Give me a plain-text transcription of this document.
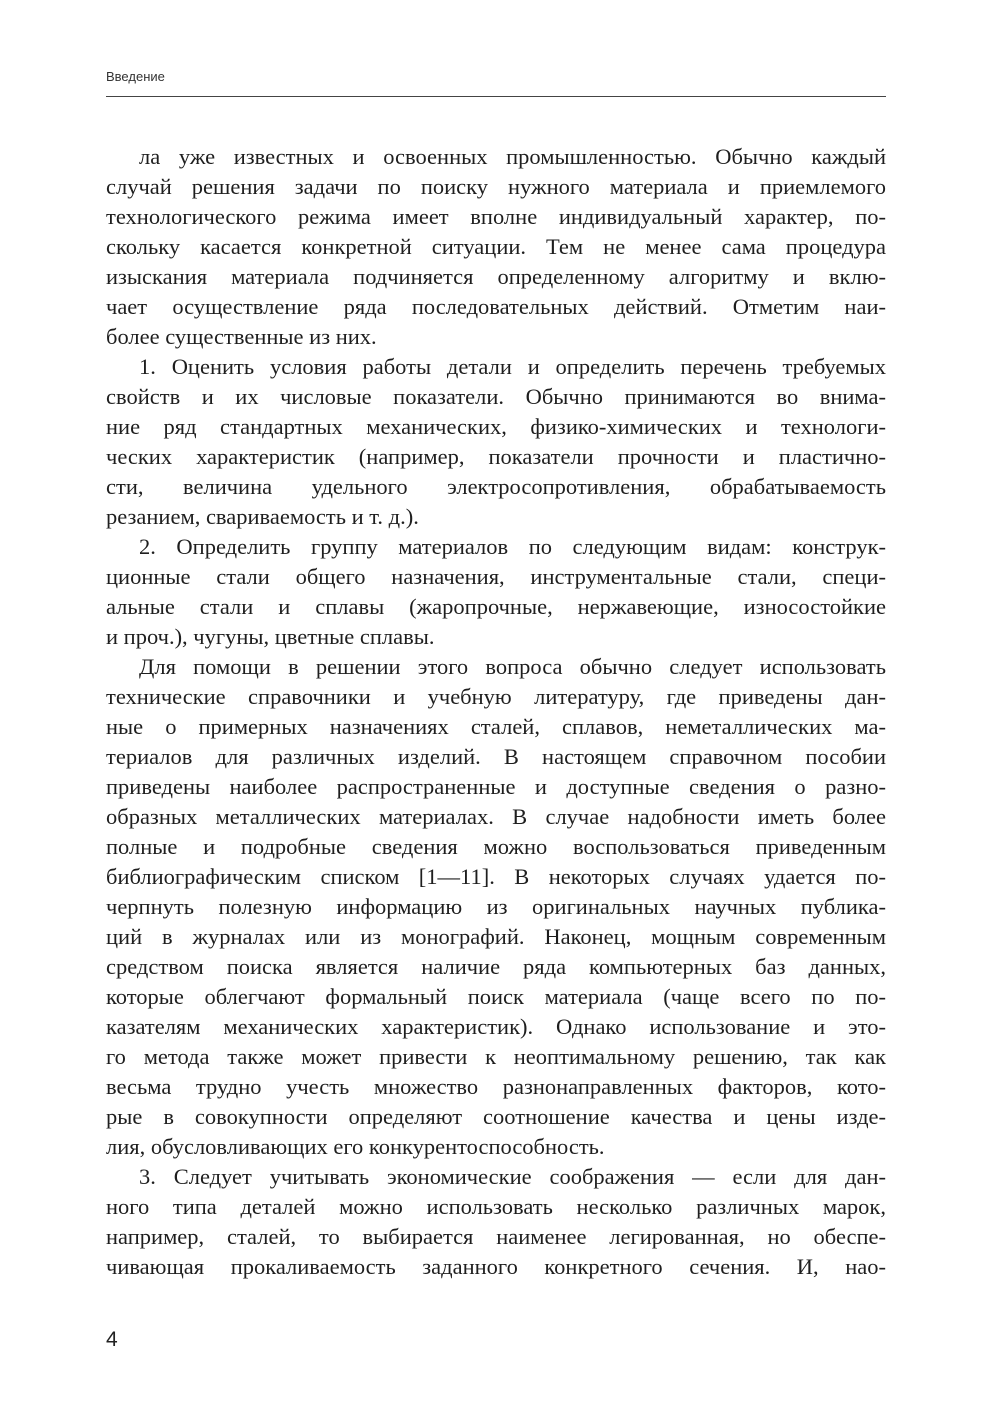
Введение
ла уже известных и освоенных промышленностью. Обычно каждый
случай решения задачи по поиску нужного материала и приемлемого
технологического режима имеет вполне индивидуальный характер, по-
скольку касается конкретной ситуации. Тем не менее сама процедура
изыскания материала подчиняется определенному алгоритму и вклю-
чает осуществление ряда последовательных действий. Отметим наи-
более существенные из них.
1. Оценить условия работы детали и определить перечень требуемых
свойств и их числовые показатели. Обычно принимаются во внима-
ние ряд стандартных механических, физико-химических и технологи-
ческих характеристик (например, показатели прочности и пластично-
сти, величина удельного электросопротивления, обрабатываемость
резанием, свариваемость и т. д.).
2. Определить группу материалов по следующим видам: конструк-
ционные стали общего назначения, инструментальные стали, специ-
альные стали и сплавы (жаропрочные, нержавеющие, износостойкие
и проч.), чугуны, цветные сплавы.
Для помощи в решении этого вопроса обычно следует использовать
технические справочники и учебную литературу, где приведены дан-
ные о примерных назначениях сталей, сплавов, неметаллических ма-
териалов для различных изделий. В настоящем справочном пособии
приведены наиболее распространенные и доступные сведения о разно-
образных металлических материалах. В случае надобности иметь более
полные и подробные сведения можно воспользоваться приведенным
библиографическим списком [1—11]. В некоторых случаях удается по-
черпнуть полезную информацию из оригинальных научных публика-
ций в журналах или из монографий. Наконец, мощным современным
средством поиска является наличие ряда компьютерных баз данных,
которые облегчают формальный поиск материала (чаще всего по по-
казателям механических характеристик). Однако использование и это-
го метода также может привести к неоптимальному решению, так как
весьма трудно учесть множество разнонаправленных факторов, кото-
рые в совокупности определяют соотношение качества и цены изде-
лия, обусловливающих его конкурентоспособность.
3. Следует учитывать экономические соображения — если для дан-
ного типа деталей можно использовать несколько различных марок,
например, сталей, то выбирается наименее легированная, но обеспе-
чивающая прокаливаемость заданного конкретного сечения. И, нао-
4
